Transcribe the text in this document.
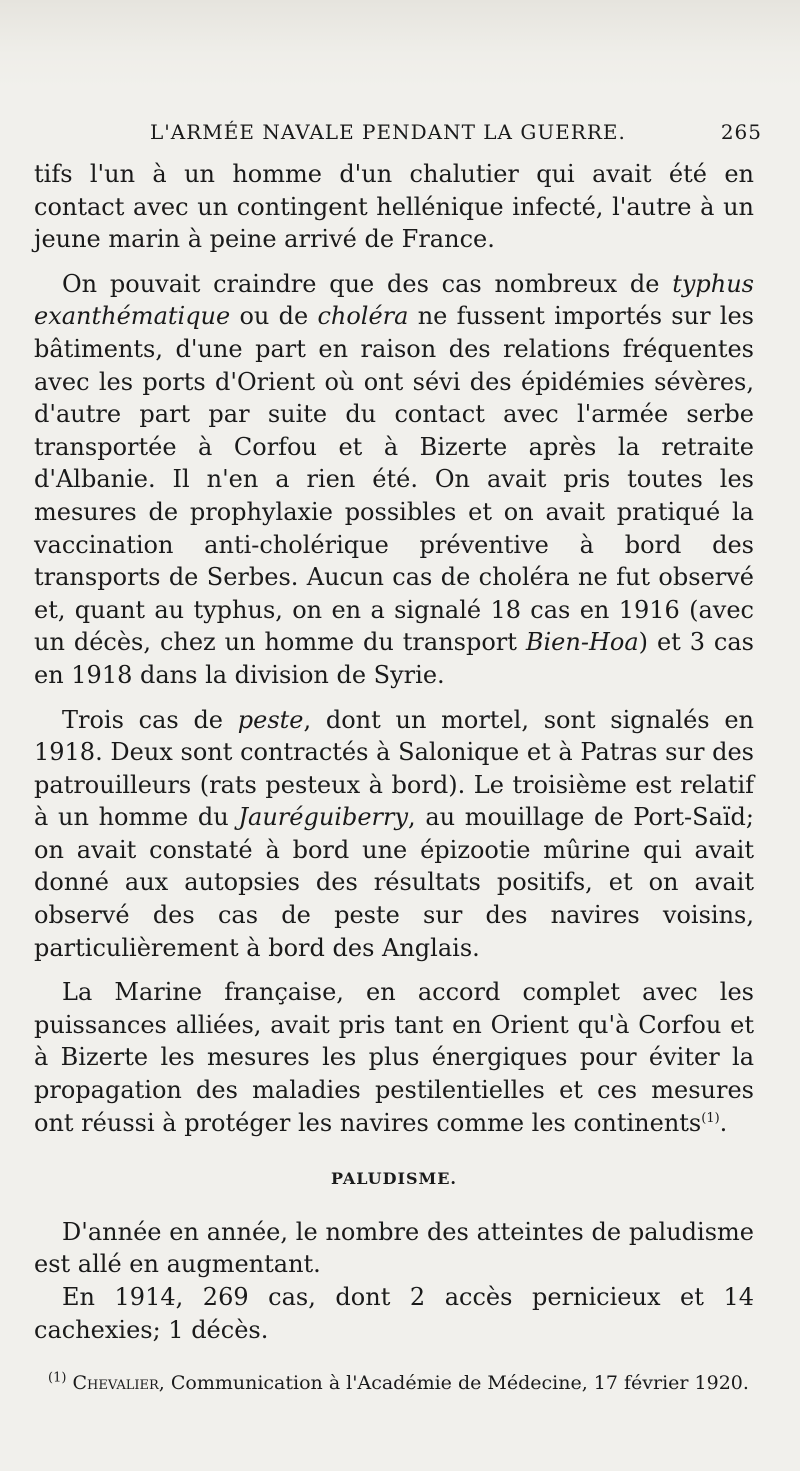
L'ARMÉE NAVALE PENDANT LA GUERRE.	265

tifs l'un à un homme d'un chalutier qui avait été en contact avec un contingent hellénique infecté, l'autre à un jeune marin à peine arrivé de France.

On pouvait craindre que des cas nombreux de typhus exanthématique ou de choléra ne fussent importés sur les bâtiments, d'une part en raison des relations fréquentes avec les ports d'Orient où ont sévi des épidémies sévères, d'autre part par suite du contact avec l'armée serbe transportée à Corfou et à Bizerte après la retraite d'Albanie. Il n'en a rien été. On avait pris toutes les mesures de prophylaxie possibles et on avait pratiqué la vaccination anti-cholérique préventive à bord des transports de Serbes. Aucun cas de choléra ne fut observé et, quant au typhus, on en a signalé 18 cas en 1916 (avec un décès, chez un homme du transport Bien-Hoa) et 3 cas en 1918 dans la division de Syrie.

Trois cas de peste, dont un mortel, sont signalés en 1918. Deux sont contractés à Salonique et à Patras sur des patrouilleurs (rats pesteux à bord). Le troisième est relatif à un homme du Jauréguiberry, au mouillage de Port-Saïd; on avait constaté à bord une épizootie mûrine qui avait donné aux autopsies des résultats positifs, et on avait observé des cas de peste sur des navires voisins, particulièrement à bord des Anglais.

La Marine française, en accord complet avec les puissances alliées, avait pris tant en Orient qu'à Corfou et à Bizerte les mesures les plus énergiques pour éviter la propagation des maladies pestilentielles et ces mesures ont réussi à protéger les navires comme les continents$^{(1)}$.

PALUDISME.

D'année en année, le nombre des atteintes de paludisme est allé en augmentant.

En 1914, 269 cas, dont 2 accès pernicieux et 14 cachexies; 1 décès.

$^{(1)}$ Chevalier, Communication à l'Académie de Médecine, 17 février 1920.
